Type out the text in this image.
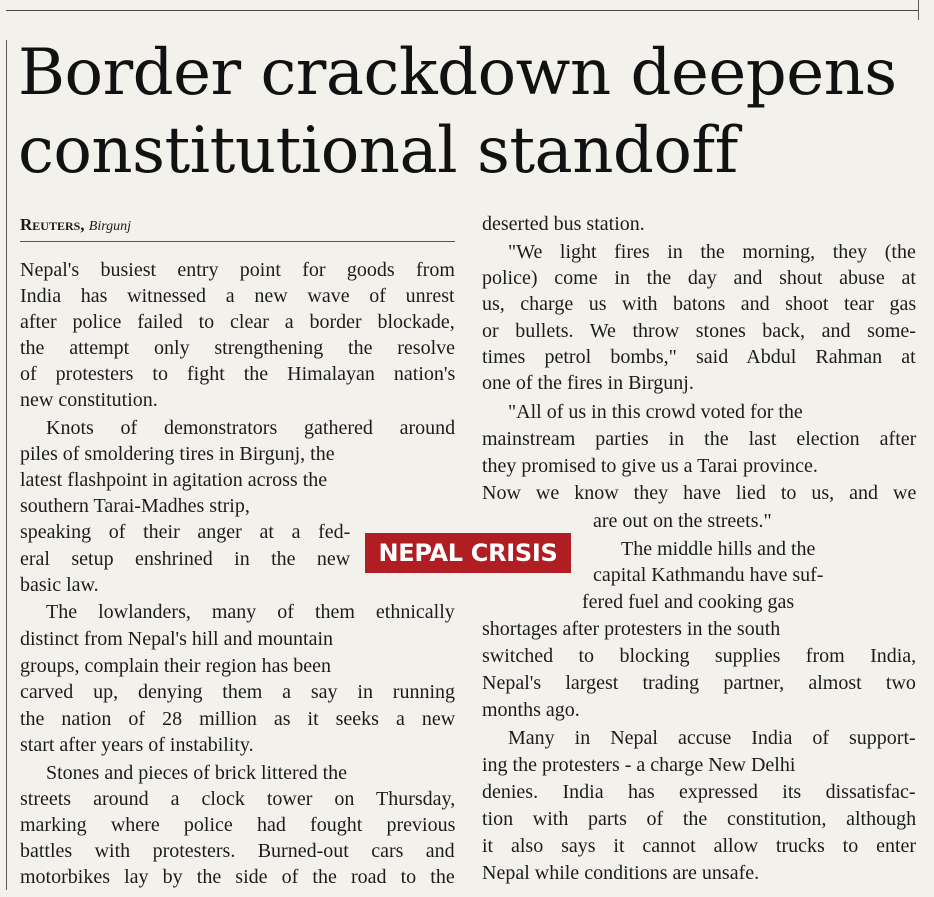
Border crackdown deepens
constitutional standoff
Reuters, Birgunj
Nepal's busiest entry point for goods from
India has witnessed a new wave of unrest
after police failed to clear a border blockade,
the attempt only strengthening the resolve
of protesters to fight the Himalayan nation's
new constitution.
Knots of demonstrators gathered around
piles of smoldering tires in Birgunj, the
latest flashpoint in agitation across the
southern Tarai-Madhes strip,
speaking of their anger at a fed-
eral setup enshrined in the new
basic law.
The lowlanders, many of them ethnically
distinct from Nepal's hill and mountain
groups, complain their region has been
carved up, denying them a say in running
the nation of 28 million as it seeks a new
start after years of instability.
Stones and pieces of brick littered the
streets around a clock tower on Thursday,
marking where police had fought previous
battles with protesters. Burned-out cars and
motorbikes lay by the side of the road to the
NEPAL CRISIS
deserted bus station.
"We light fires in the morning, they (the
police) come in the day and shout abuse at
us, charge us with batons and shoot tear gas
or bullets. We throw stones back, and some-
times petrol bombs," said Abdul Rahman at
one of the fires in Birgunj.
"All of us in this crowd voted for the
mainstream parties in the last election after
they promised to give us a Tarai province.
Now we know they have lied to us, and we
are out on the streets."
The middle hills and the
capital Kathmandu have suf-
fered fuel and cooking gas
shortages after protesters in the south
switched to blocking supplies from India,
Nepal's largest trading partner, almost two
months ago.
Many in Nepal accuse India of support-
ing the protesters - a charge New Delhi
denies. India has expressed its dissatisfac-
tion with parts of the constitution, although
it also says it cannot allow trucks to enter
Nepal while conditions are unsafe.
